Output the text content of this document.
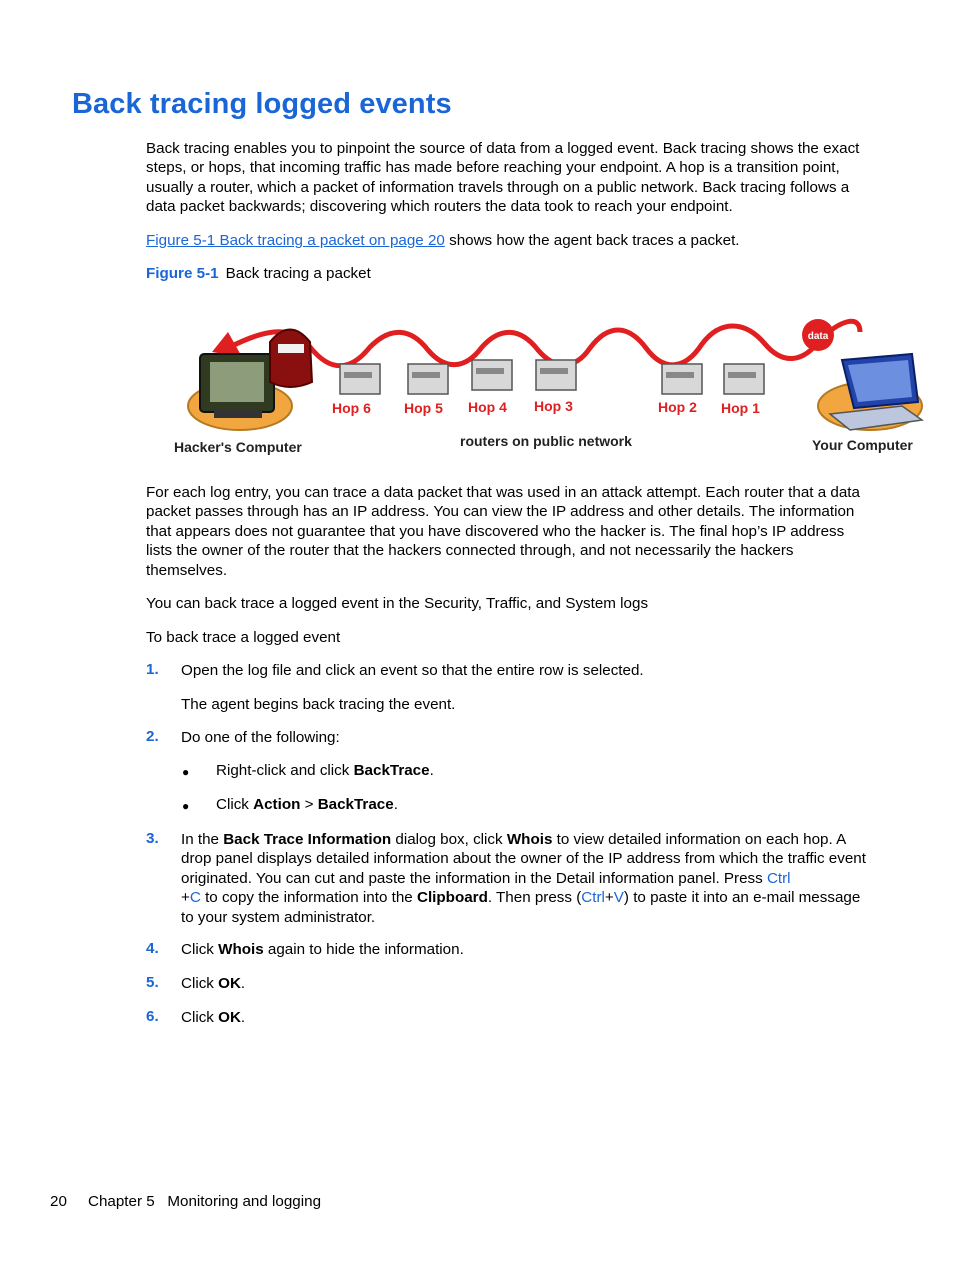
Back tracing logged events

Back tracing enables you to pinpoint the source of data from a logged event. Back tracing shows the exact steps, or hops, that incoming traffic has made before reaching your endpoint. A hop is a transition point, usually a router, which a packet of information travels through on a public network. Back tracing follows a data packet backwards; discovering which routers the data took to reach your endpoint.

Figure 5-1 Back tracing a packet on page 20 shows how the agent back traces a packet.

Figure 5-1 Back tracing a packet

data
Hacker's Computer
Hop 6 Hop 5 Hop 4 Hop 3	Hop 2 Hop 1
routers on public network	Your Computer

For each log entry, you can trace a data packet that was used in an attack attempt. Each router that a data packet passes through has an IP address. You can view the IP address and other details. The information that appears does not guarantee that you have discovered who the hacker is. The final hop’s IP address lists the owner of the router that the hackers connected through, and not necessarily the hackers themselves.

You can back trace a logged event in the Security, Traffic, and System logs

To back trace a logged event

1. Open the log file and click an event so that the entire row is selected.

The agent begins back tracing the event.

2. Do one of the following:

● Right-click and click BackTrace.
● Click Action > BackTrace.
3. In the Back Trace Information dialog box, click Whois to view detailed information on each hop. A drop panel displays detailed information about the owner of the IP address from which the traffic event originated. You can cut and paste the information in the Detail information panel. Press Ctrl
+C to copy the information into the Clipboard. Then press (Ctrl+V) to paste it into an e-mail message to your system administrator.

4. Click Whois again to hide the information.

5. Click OK.

6. Click OK.

20 Chapter 5   Monitoring and logging
